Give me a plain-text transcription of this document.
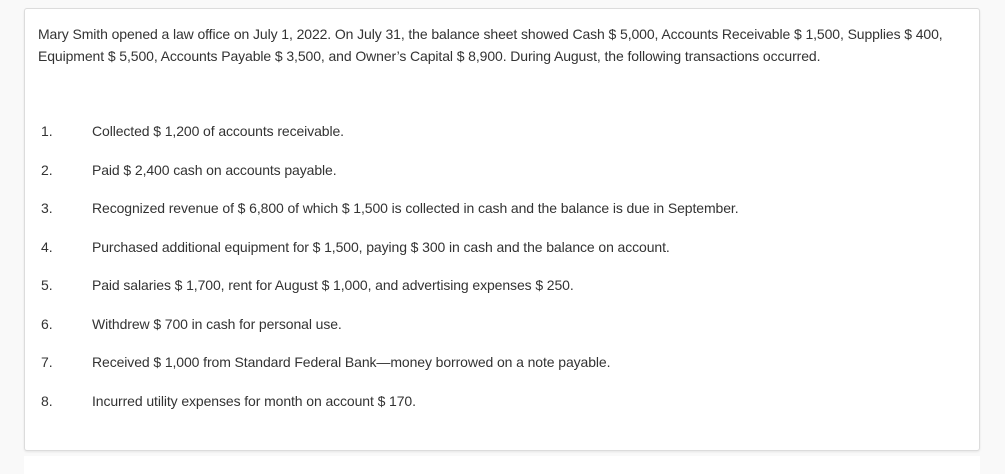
Mary Smith opened a law office on July 1, 2022. On July 31, the balance sheet showed Cash $ 5,000, Accounts Receivable $ 1,500, Supplies $ 400, Equipment $ 5,500, Accounts Payable $ 3,500, and Owner’s Capital $ 8,900. During August, the following transactions occurred.

1.	Collected $ 1,200 of accounts receivable.
2.	Paid $ 2,400 cash on accounts payable.
3.	Recognized revenue of $ 6,800 of which $ 1,500 is collected in cash and the balance is due in September.
4.	Purchased additional equipment for $ 1,500, paying $ 300 in cash and the balance on account.
5.	Paid salaries $ 1,700, rent for August $ 1,000, and advertising expenses $ 250.
6.	Withdrew $ 700 in cash for personal use.
7.	Received $ 1,000 from Standard Federal Bank—money borrowed on a note payable.
8.	Incurred utility expenses for month on account $ 170.
